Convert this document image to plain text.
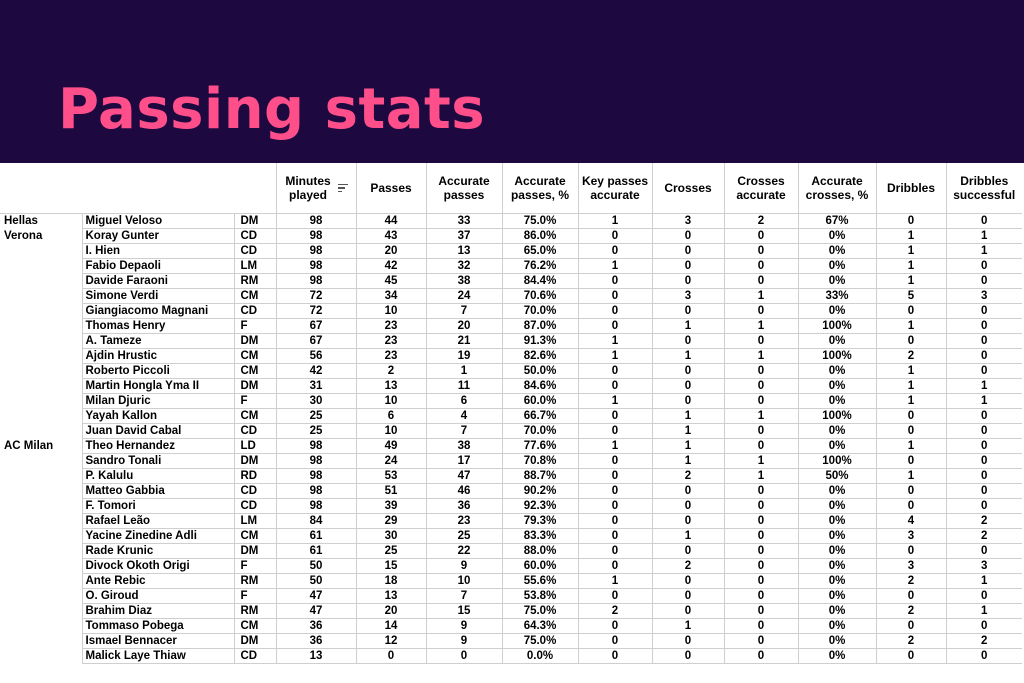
Passing stats
			Minutes played	Passes	Accurate passes	Accurate passes, %	Key passes accurate	Crosses	Crosses accurate	Accurate crosses, %	Dribbles	Dribbles successful
Hellas Verona	Miguel Veloso	DM	98	44	33	75.0%	1	3	2	67%	0	0
	Koray Gunter	CD	98	43	37	86.0%	0	0	0	0%	1	1
	I. Hien	CD	98	20	13	65.0%	0	0	0	0%	1	1
	Fabio Depaoli	LM	98	42	32	76.2%	1	0	0	0%	1	0
	Davide Faraoni	RM	98	45	38	84.4%	0	0	0	0%	1	0
	Simone Verdi	CM	72	34	24	70.6%	0	3	1	33%	5	3
	Giangiacomo Magnani	CD	72	10	7	70.0%	0	0	0	0%	0	0
	Thomas Henry	F	67	23	20	87.0%	0	1	1	100%	1	0
	A. Tameze	DM	67	23	21	91.3%	1	0	0	0%	0	0
	Ajdin Hrustic	CM	56	23	19	82.6%	1	1	1	100%	2	0
	Roberto Piccoli	CM	42	2	1	50.0%	0	0	0	0%	1	0
	Martin Hongla Yma II	DM	31	13	11	84.6%	0	0	0	0%	1	1
	Milan Djuric	F	30	10	6	60.0%	1	0	0	0%	1	1
	Yayah Kallon	CM	25	6	4	66.7%	0	1	1	100%	0	0
	Juan David Cabal	CD	25	10	7	70.0%	0	1	0	0%	0	0
AC Milan	Theo Hernandez	LD	98	49	38	77.6%	1	1	0	0%	1	0
	Sandro Tonali	DM	98	24	17	70.8%	0	1	1	100%	0	0
	P. Kalulu	RD	98	53	47	88.7%	0	2	1	50%	1	0
	Matteo Gabbia	CD	98	51	46	90.2%	0	0	0	0%	0	0
	F. Tomori	CD	98	39	36	92.3%	0	0	0	0%	0	0
	Rafael Leão	LM	84	29	23	79.3%	0	0	0	0%	4	2
	Yacine Zinedine Adli	CM	61	30	25	83.3%	0	1	0	0%	3	2
	Rade Krunic	DM	61	25	22	88.0%	0	0	0	0%	0	0
	Divock Okoth Origi	F	50	15	9	60.0%	0	2	0	0%	3	3
	Ante Rebic	RM	50	18	10	55.6%	1	0	0	0%	2	1
	O. Giroud	F	47	13	7	53.8%	0	0	0	0%	0	0
	Brahim Diaz	RM	47	20	15	75.0%	2	0	0	0%	2	1
	Tommaso Pobega	CM	36	14	9	64.3%	0	1	0	0%	0	0
	Ismael Bennacer	DM	36	12	9	75.0%	0	0	0	0%	2	2
	Malick Laye Thiaw	CD	13	0	0	0.0%	0	0	0	0%	0	0
